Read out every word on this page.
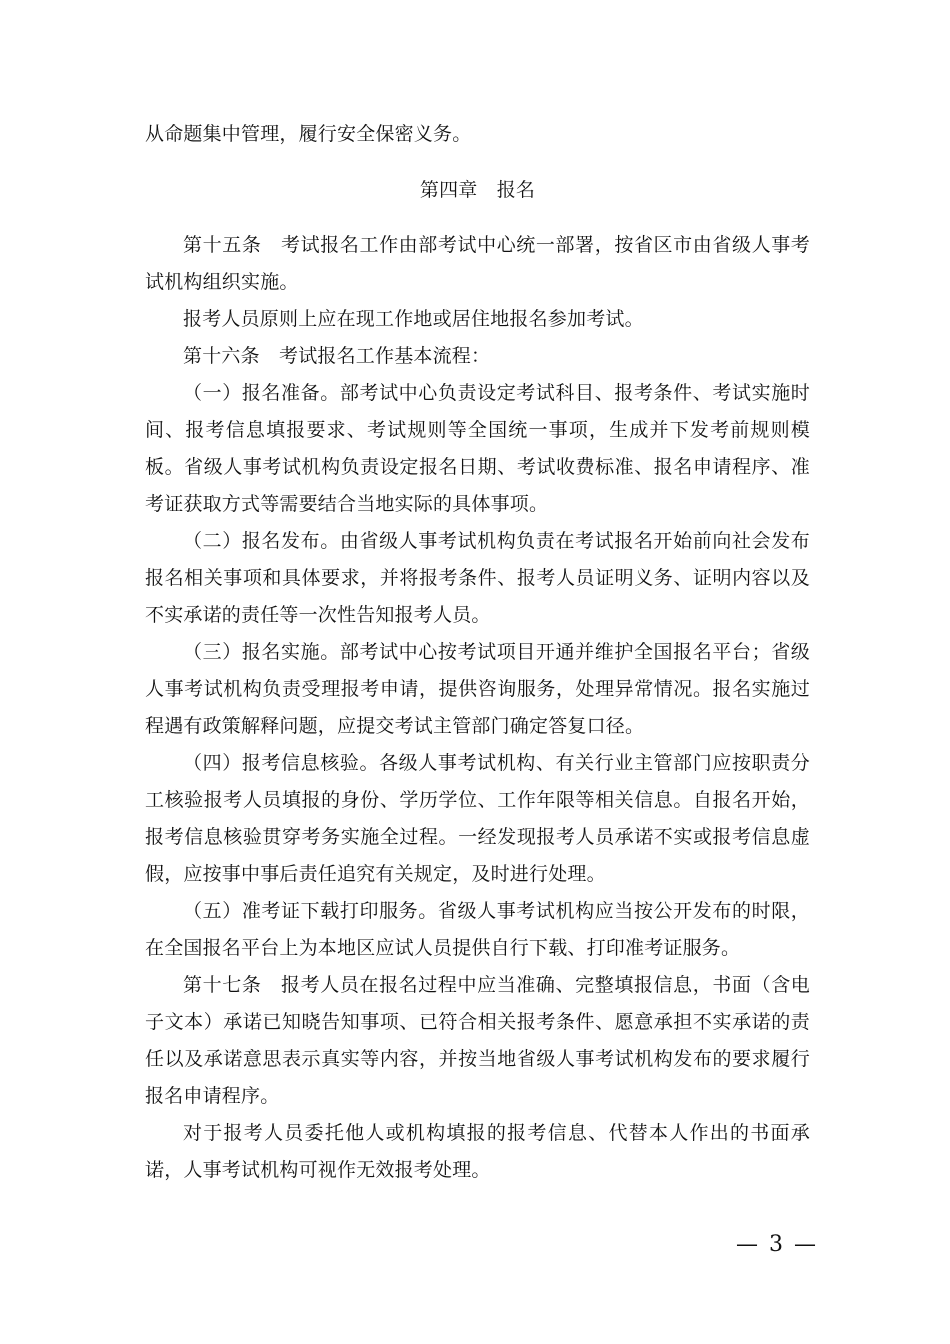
从命题集中管理，履行安全保密义务。

第四章　报名

第十五条　考试报名工作由部考试中心统一部署，按省区市由省级人事考试机构组织实施。

报考人员原则上应在现工作地或居住地报名参加考试。

第十六条　考试报名工作基本流程：

（一）报名准备。部考试中心负责设定考试科目、报考条件、考试实施时间、报考信息填报要求、考试规则等全国统一事项，生成并下发考前规则模板。省级人事考试机构负责设定报名日期、考试收费标准、报名申请程序、准考证获取方式等需要结合当地实际的具体事项。

（二）报名发布。由省级人事考试机构负责在考试报名开始前向社会发布报名相关事项和具体要求，并将报考条件、报考人员证明义务、证明内容以及不实承诺的责任等一次性告知报考人员。

（三）报名实施。部考试中心按考试项目开通并维护全国报名平台；省级人事考试机构负责受理报考申请，提供咨询服务，处理异常情况。报名实施过程遇有政策解释问题，应提交考试主管部门确定答复口径。

（四）报考信息核验。各级人事考试机构、有关行业主管部门应按职责分工核验报考人员填报的身份、学历学位、工作年限等相关信息。自报名开始，报考信息核验贯穿考务实施全过程。一经发现报考人员承诺不实或报考信息虚假，应按事中事后责任追究有关规定，及时进行处理。

（五）准考证下载打印服务。省级人事考试机构应当按公开发布的时限，在全国报名平台上为本地区应试人员提供自行下载、打印准考证服务。

第十七条　报考人员在报名过程中应当准确、完整填报信息，书面（含电子文本）承诺已知晓告知事项、已符合相关报考条件、愿意承担不实承诺的责任以及承诺意思表示真实等内容，并按当地省级人事考试机构发布的要求履行报名申请程序。

对于报考人员委托他人或机构填报的报考信息、代替本人作出的书面承诺，人事考试机构可视作无效报考处理。

— 3 —
